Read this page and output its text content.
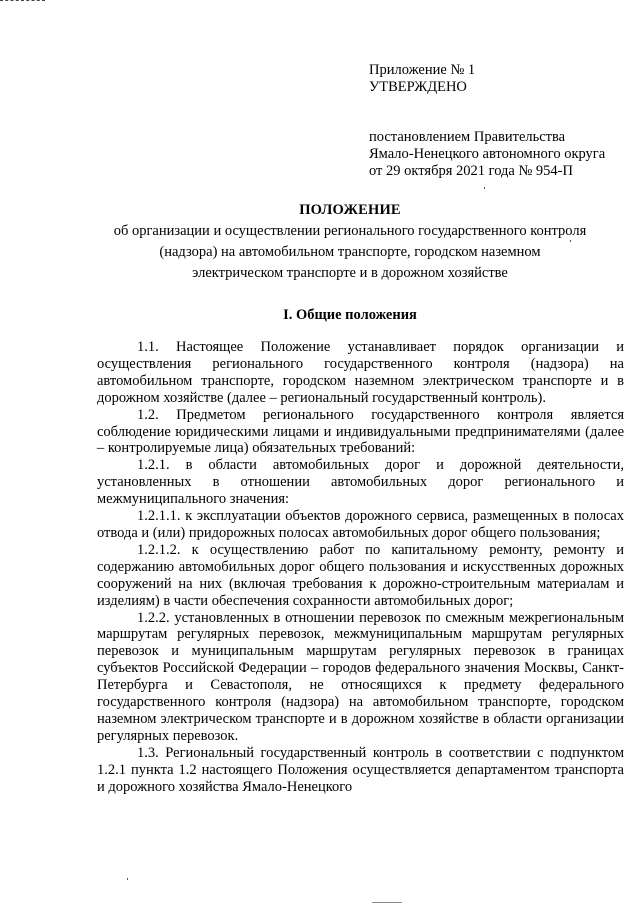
Приложение № 1
УТВЕРЖДЕНО
постановлением Правительства
Ямало-Ненецкого автономного округа
от 29 октября 2021 года № 954-П
ПОЛОЖЕНИЕ
об организации и осуществлении регионального государственного контроля
(надзора) на автомобильном транспорте, городском наземном
электрическом транспорте и в дорожном хозяйстве
I. Общие положения

1.1. Настоящее Положение устанавливает порядок организации и осуществления регионального государственного контроля (надзора) на автомобильном транспорте, городском наземном электрическом транспорте и в дорожном хозяйстве (далее – региональный государственный контроль).

1.2. Предметом регионального государственного контроля является соблюдение юридическими лицами и индивидуальными предпринимателями (далее – контролируемые лица) обязательных требований:

1.2.1. в области автомобильных дорог и дорожной деятельности, установленных в отношении автомобильных дорог регионального и межмуниципального значения:

1.2.1.1. к эксплуатации объектов дорожного сервиса, размещенных в полосах отвода и (или) придорожных полосах автомобильных дорог общего пользования;

1.2.1.2. к осуществлению работ по капитальному ремонту, ремонту и содержанию автомобильных дорог общего пользования и искусственных дорожных сооружений на них (включая требования к дорожно-строительным материалам и изделиям) в части обеспечения сохранности автомобильных дорог;

1.2.2. установленных в отношении перевозок по смежным межрегиональным маршрутам регулярных перевозок, межмуниципальным маршрутам регулярных перевозок и муниципальным маршрутам регулярных перевозок в границах субъектов Российской Федерации – городов федерального значения Москвы, Санкт-Петербурга и Севастополя, не относящихся к предмету федерального государственного контроля (надзора) на автомобильном транспорте, городском наземном электрическом транспорте и в дорожном хозяйстве в области организации регулярных перевозок.

1.3. Региональный государственный контроль в соответствии с подпунктом 1.2.1 пункта 1.2 настоящего Положения осуществляется департаментом транспорта и дорожного хозяйства Ямало-Ненецкого
